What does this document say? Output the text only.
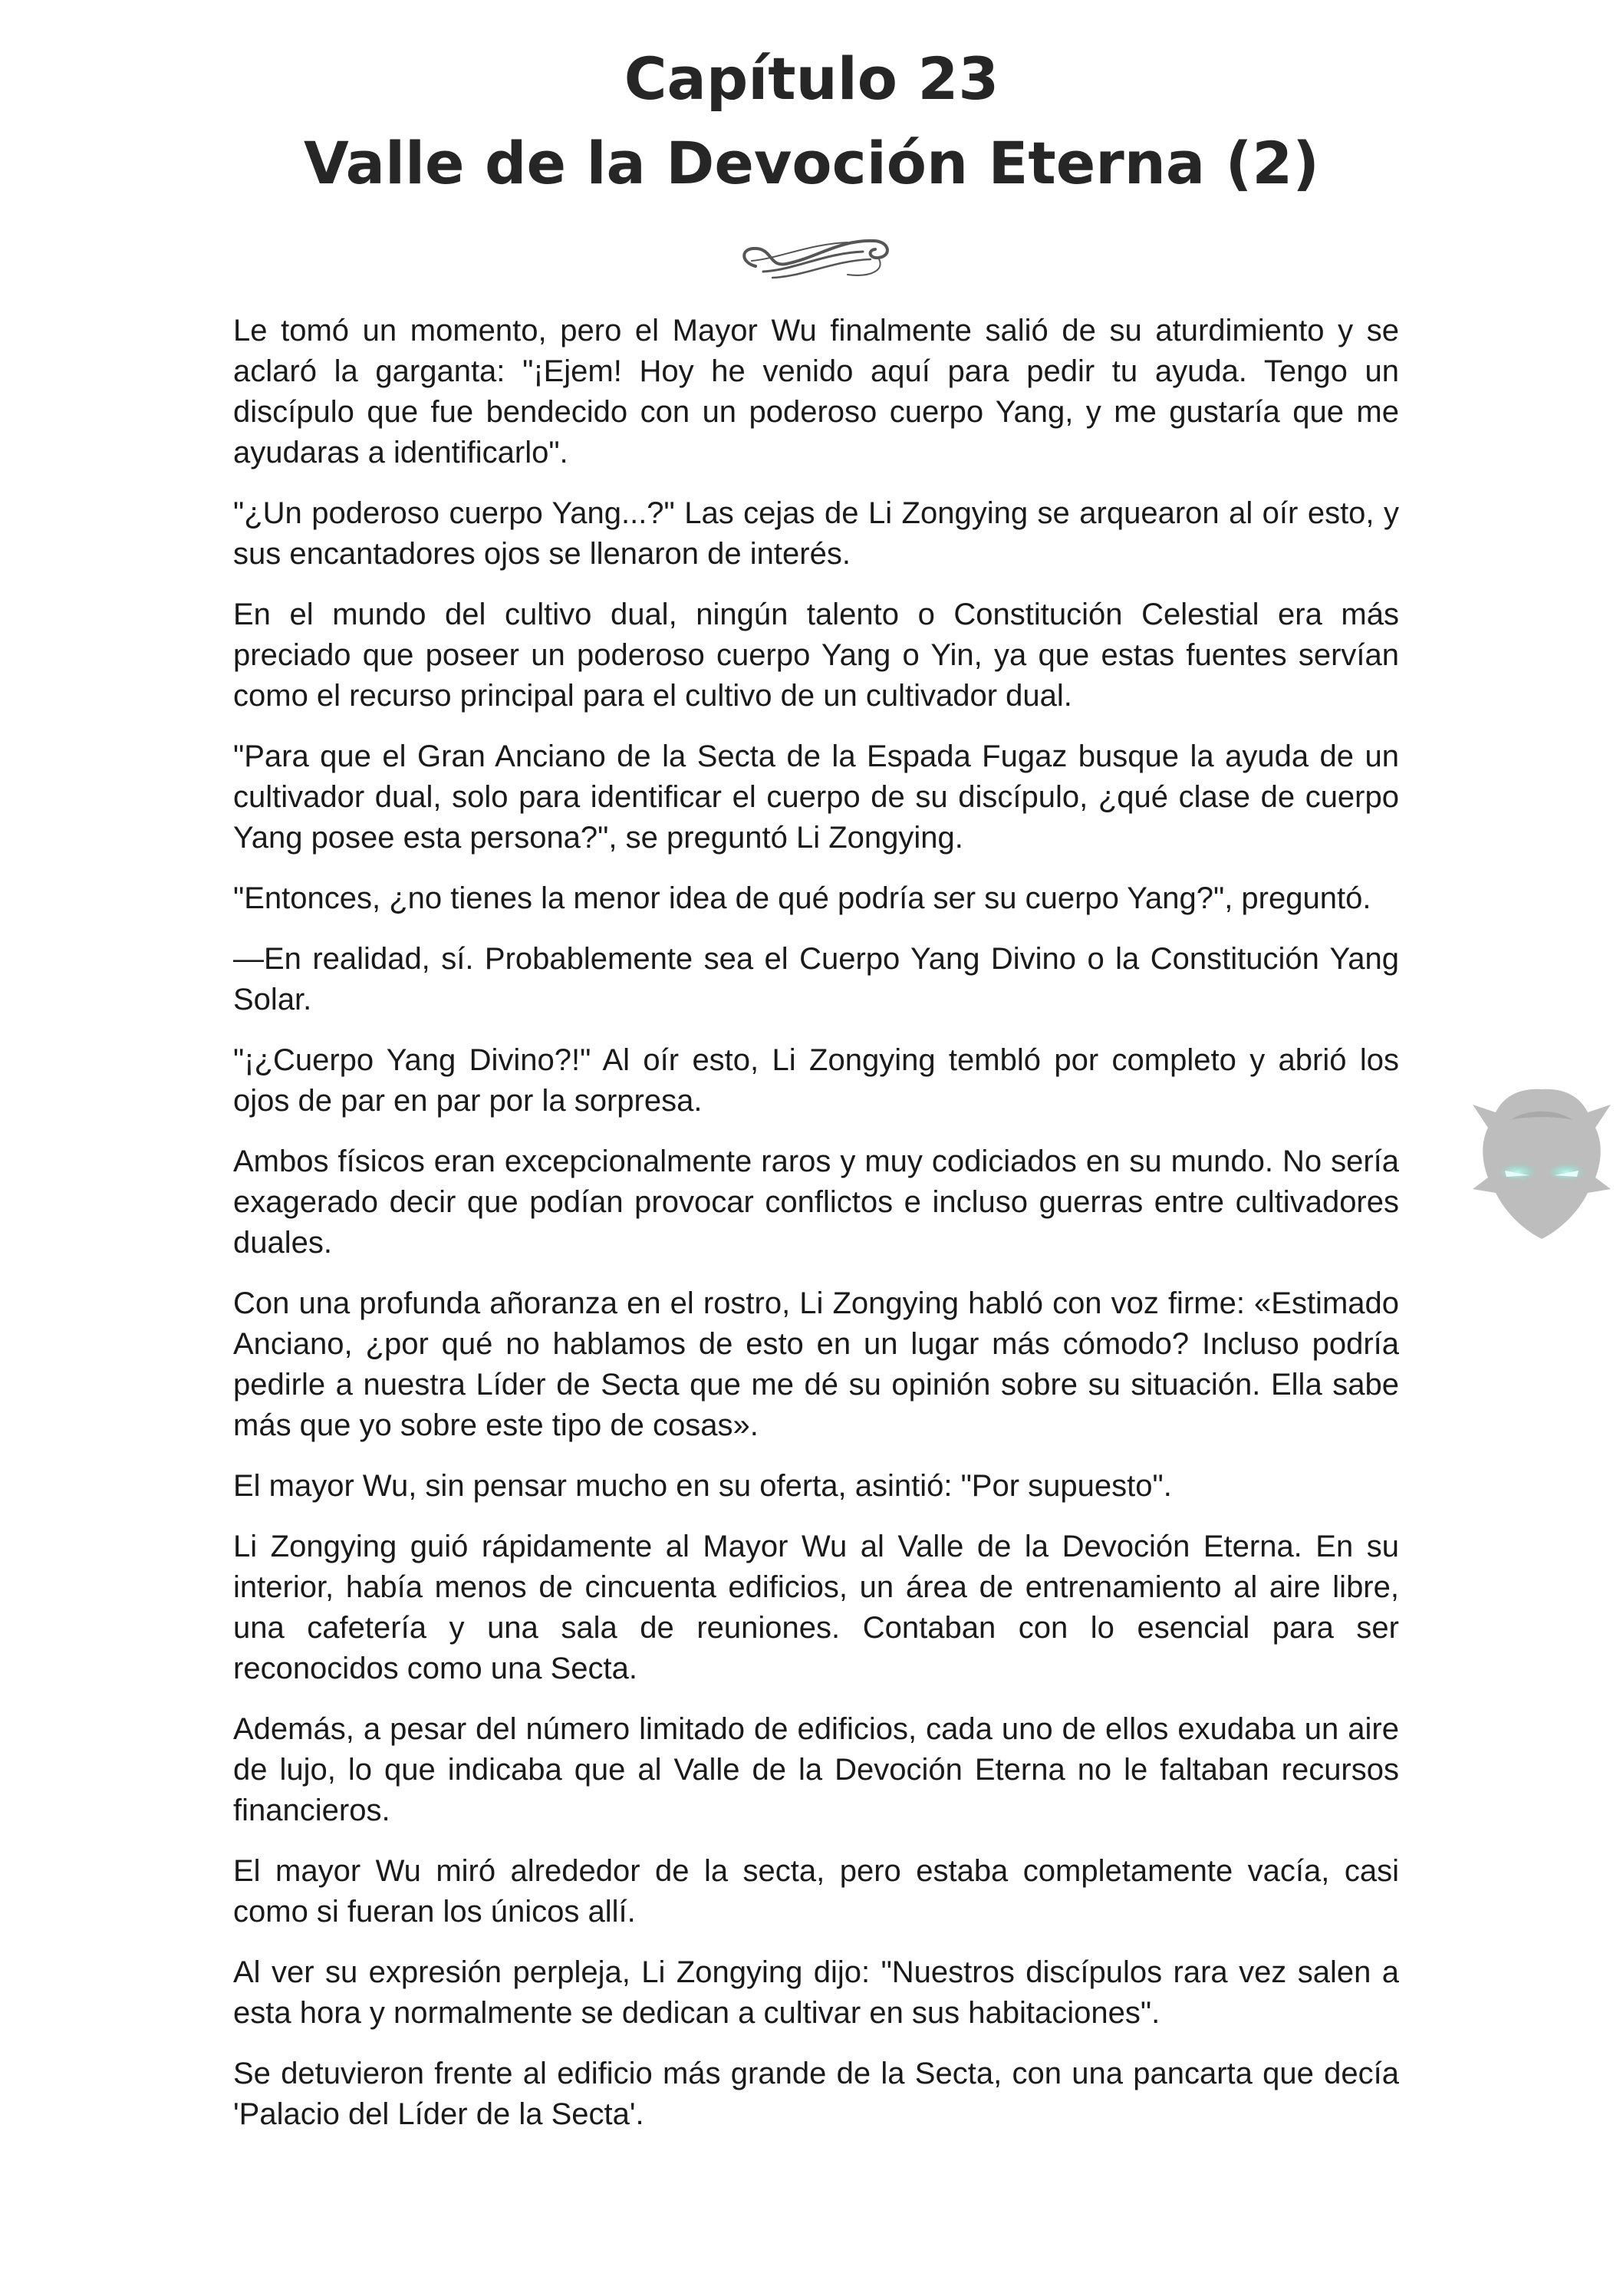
Capítulo 23
Valle de la Devoción Eterna (2)

Le tomó un momento, pero el Mayor Wu finalmente salió de su aturdimiento y se aclaró la garganta: "¡Ejem! Hoy he venido aquí para pedir tu ayuda. Tengo un discípulo que fue bendecido con un poderoso cuerpo Yang, y me gustaría que me ayudaras a identificarlo".

"¿Un poderoso cuerpo Yang...?" Las cejas de Li Zongying se arquearon al oír esto, y sus encantadores ojos se llenaron de interés.

En el mundo del cultivo dual, ningún talento o Constitución Celestial era más preciado que poseer un poderoso cuerpo Yang o Yin, ya que estas fuentes servían como el recurso principal para el cultivo de un cultivador dual.

"Para que el Gran Anciano de la Secta de la Espada Fugaz busque la ayuda de un cultivador dual, solo para identificar el cuerpo de su discípulo, ¿qué clase de cuerpo Yang posee esta persona?", se preguntó Li Zongying.

"Entonces, ¿no tienes la menor idea de qué podría ser su cuerpo Yang?", preguntó.

—En realidad, sí. Probablemente sea el Cuerpo Yang Divino o la Constitución Yang Solar.

"¡¿Cuerpo Yang Divino?!" Al oír esto, Li Zongying tembló por completo y abrió los ojos de par en par por la sorpresa.

Ambos físicos eran excepcionalmente raros y muy codiciados en su mundo. No sería exagerado decir que podían provocar conflictos e incluso guerras entre cultivadores duales.

Con una profunda añoranza en el rostro, Li Zongying habló con voz firme: «Estimado Anciano, ¿por qué no hablamos de esto en un lugar más cómodo? Incluso podría pedirle a nuestra Líder de Secta que me dé su opinión sobre su situación. Ella sabe más que yo sobre este tipo de cosas».

El mayor Wu, sin pensar mucho en su oferta, asintió: "Por supuesto".

Li Zongying guió rápidamente al Mayor Wu al Valle de la Devoción Eterna. En su interior, había menos de cincuenta edificios, un área de entrenamiento al aire libre, una cafetería y una sala de reuniones. Contaban con lo esencial para ser reconocidos como una Secta.

Además, a pesar del número limitado de edificios, cada uno de ellos exudaba un aire de lujo, lo que indicaba que al Valle de la Devoción Eterna no le faltaban recursos financieros.

El mayor Wu miró alrededor de la secta, pero estaba completamente vacía, casi como si fueran los únicos allí.

Al ver su expresión perpleja, Li Zongying dijo: "Nuestros discípulos rara vez salen a esta hora y normalmente se dedican a cultivar en sus habitaciones".

Se detuvieron frente al edificio más grande de la Secta, con una pancarta que decía 'Palacio del Líder de la Secta'.
